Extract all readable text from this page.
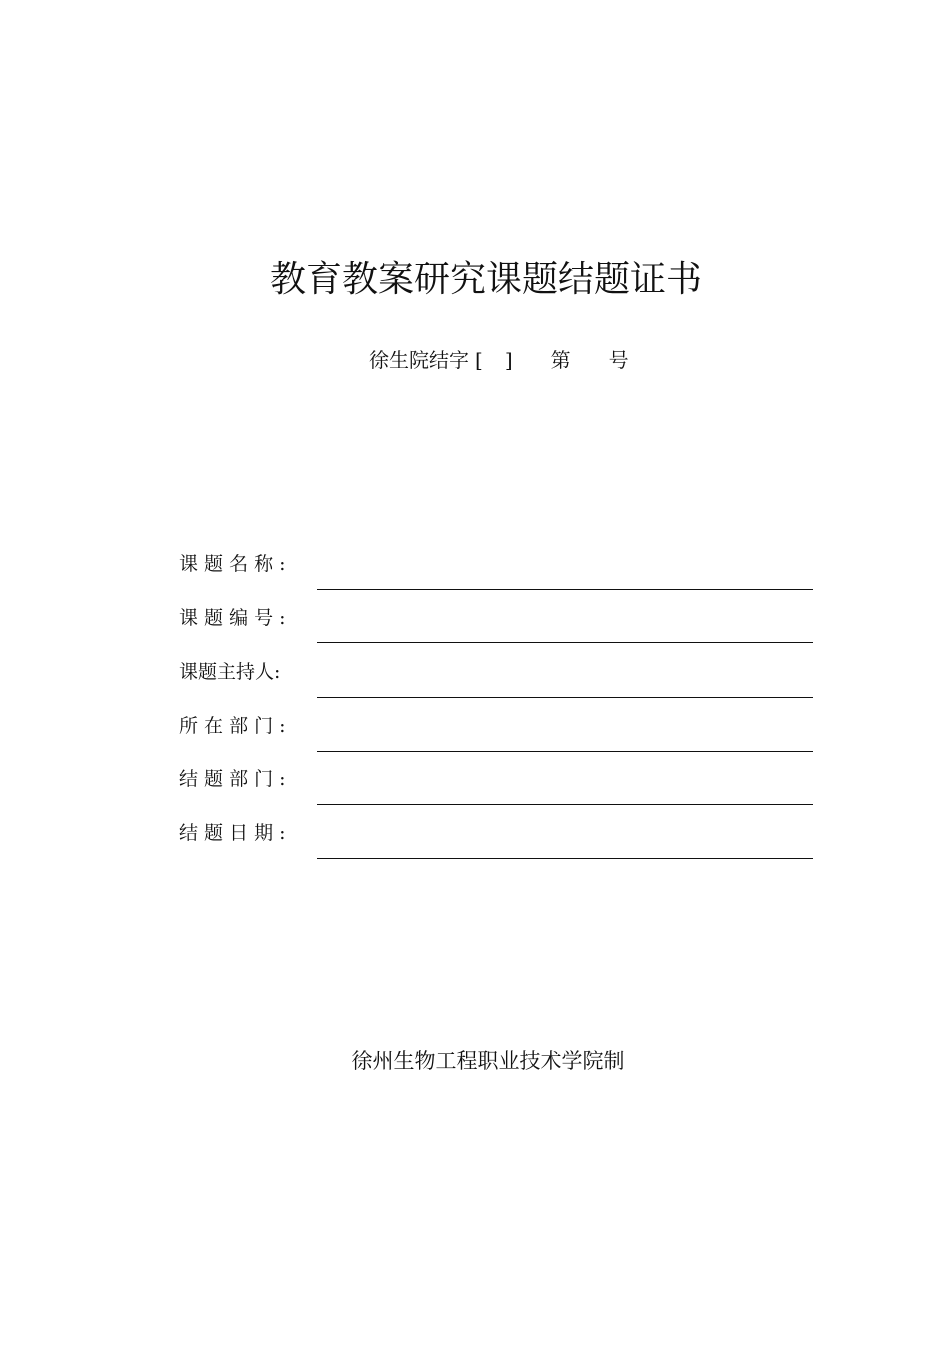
教育教案研究课题结题证书
徐生院结字 [ ] 第 号
课 题 名 称 :
课 题 编 号 :
课题主持人:
所 在 部 门 :
结 题 部 门 :
结 题 日 期 :
徐州生物工程职业技术学院制
